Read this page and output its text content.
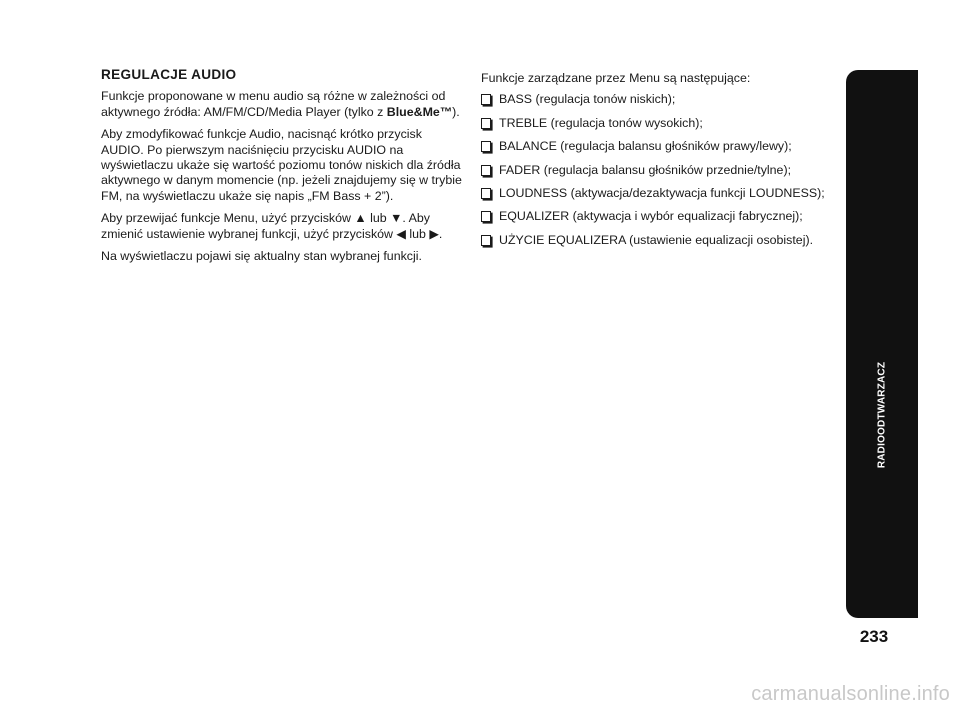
REGULACJE AUDIO

Funkcje proponowane w menu audio są różne w zależności od aktywnego źródła: AM/FM/CD/Media Player (tylko z Blue&Me™).

Aby zmodyfikować funkcje Audio, nacisnąć krótko przycisk AUDIO. Po pierwszym naciśnięciu przycisku AUDIO na wyświetlaczu ukaże się wartość poziomu tonów niskich dla źródła aktywnego w danym momencie (np. jeżeli znajdujemy się w trybie FM, na wyświetlaczu ukaże się napis „FM Bass + 2”).

Aby przewijać funkcje Menu, użyć przycisków ▲ lub ▼. Aby zmienić ustawienie wybranej funkcji, użyć przycisków ◀ lub ▶.

Na wyświetlaczu pojawi się aktualny stan wybranej funkcji.

Funkcje zarządzane przez Menu są następujące:

BASS (regulacja tonów niskich);
TREBLE (regulacja tonów wysokich);
BALANCE (regulacja balansu głośników prawy/lewy);
FADER (regulacja balansu głośników przednie/tylne);
LOUDNESS (aktywacja/dezaktywacja funkcji LOUDNESS);
EQUALIZER (aktywacja i wybór equalizacji fabrycznej);
UŻYCIE EQUALIZERA (ustawienie equalizacji osobistej).
RADIOODTWARZACZ
233
carmanualsonline.info
